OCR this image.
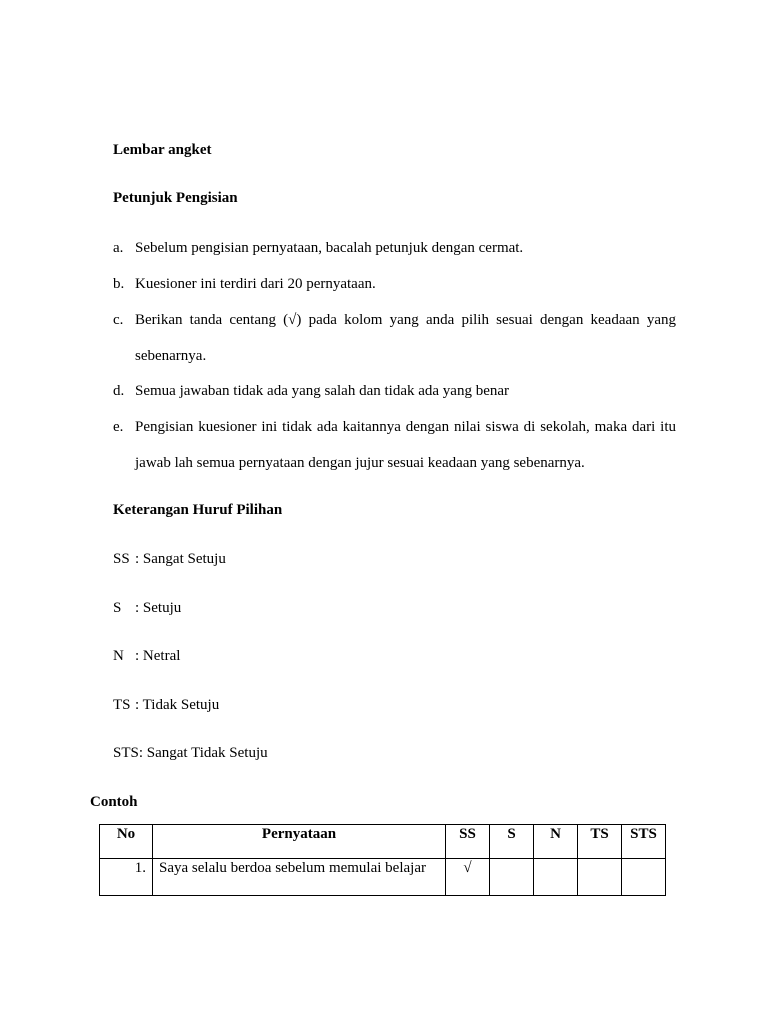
Lembar angket
Petunjuk Pengisian
a. Sebelum pengisian pernyataan, bacalah petunjuk dengan cermat.
b. Kuesioner ini terdiri dari 20 pernyataan.
c. Berikan tanda centang (√) pada kolom yang anda pilih sesuai dengan keadaan yang sebenarnya.
d. Semua jawaban tidak ada yang salah dan tidak ada yang benar
e. Pengisian kuesioner ini tidak ada kaitannya dengan nilai siswa di sekolah, maka dari itu jawab lah semua pernyataan dengan jujur sesuai keadaan yang sebenarnya.
Keterangan Huruf Pilihan
SS : Sangat Setuju
S : Setuju
N : Netral
TS : Tidak Setuju
STS: Sangat Tidak Setuju
Contoh
No	Pernyataan	SS	S	N	TS	STS
1.	Saya selalu berdoa sebelum memulai belajar	√				
